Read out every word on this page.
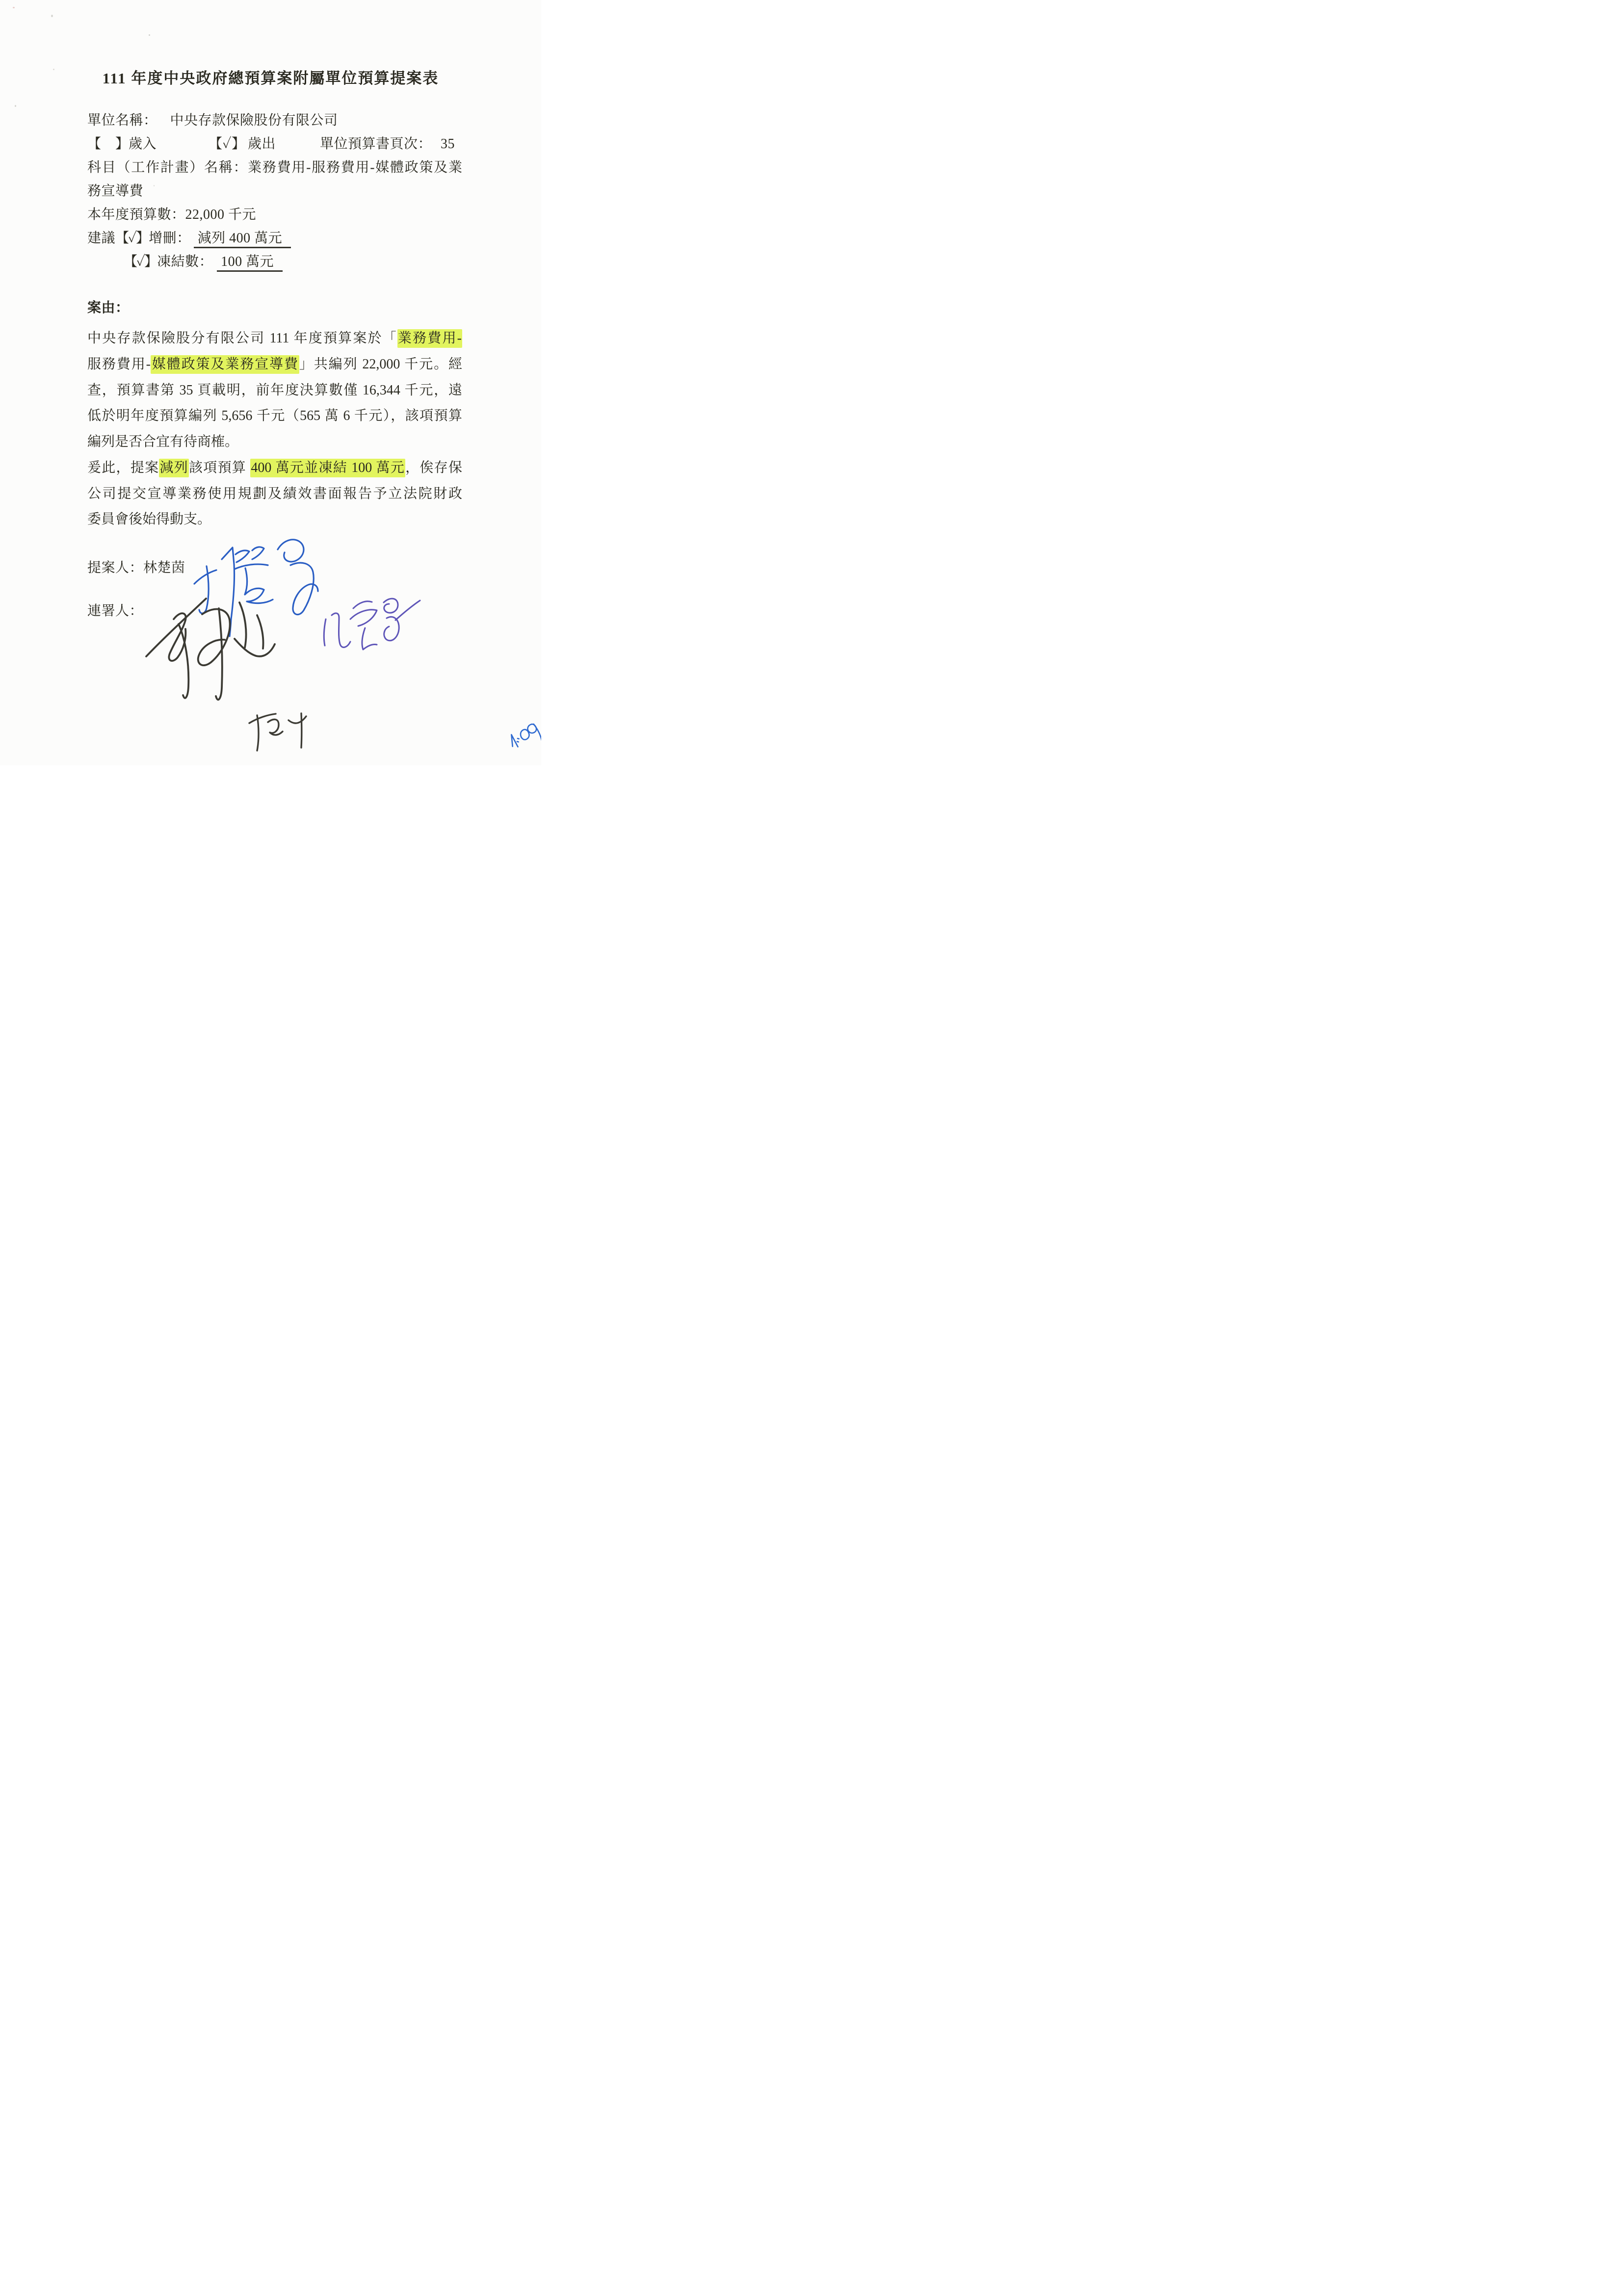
111 年度中央政府總預算案附屬單位預算提案表
單位名稱： 中央存款保險股份有限公司
【　】
歲入	【✓】 歲出	單位預算書頁次： 35
科目（工作計畫）名稱：業務費用-服務費用-媒體政策及業
務宣導費
本年度預算數：22,000 千元
建議【✓】增刪： 減列 400 萬元
【✓】凍結數： 100 萬元
案由：
中央存款保險股分有限公司 111 年度預算案於「業務費用-
服務費用-媒體政策及業務宣導費」共編列 22,000 千元。經
查，預算書第 35 頁載明，前年度決算數僅 16,344 千元，遠
低於明年度預算編列 5,656 千元（565 萬 6 千元），該項預算
編列是否合宜有待商榷。
爰此，提案減列該項預算 400 萬元並凍結 100 萬元，俟存保
公司提交宣導業務使用規劃及績效書面報告予立法院財政
委員會後始得動支。
提案人：林楚茵
連署人：
